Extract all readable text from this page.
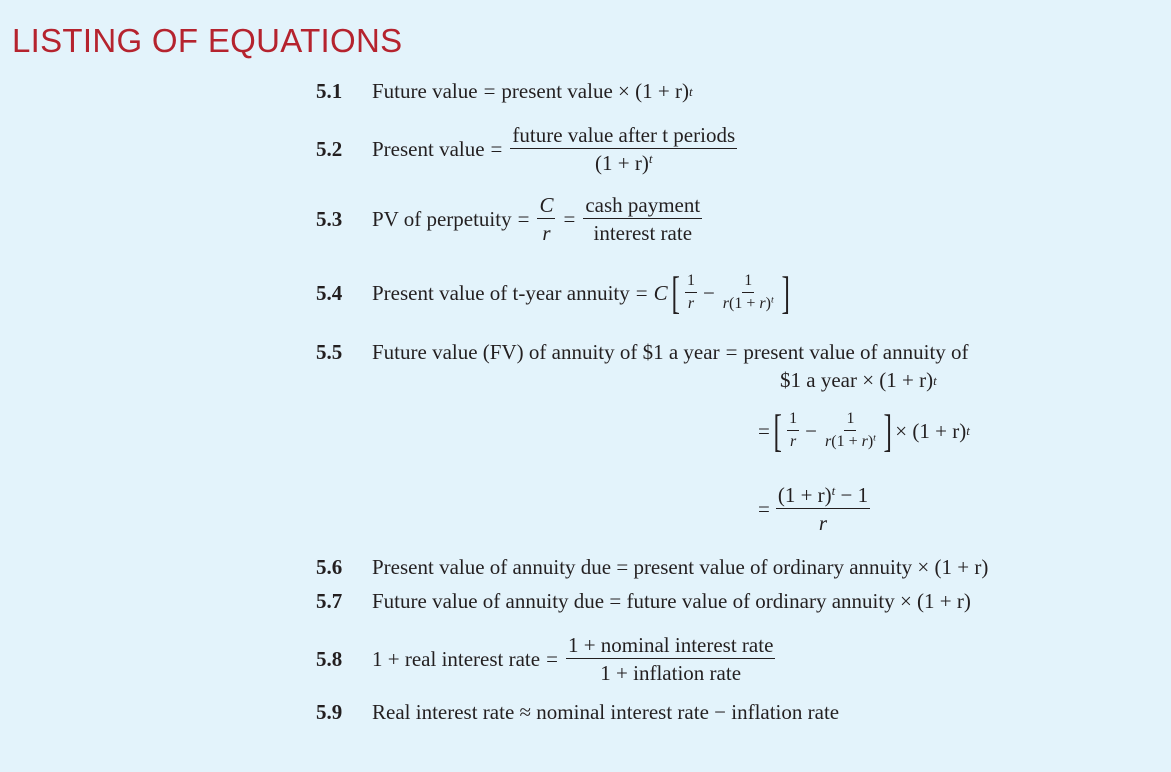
LISTING OF EQUATIONS
5.1	Future value = present value × (1 + r) t
5.2	Present value = $\frac{\text{future value after t periods}}{(1 + r)^t}$
5.3	PV of perpetuity = $\frac{C}{r} = \frac{\text{cash payment}}{\text{interest rate}}$
5.4	Present value of t-year annuity = C [ $\frac{1}{r} - \frac{1}{r(1 + r)^t}$ ]
5.5	Future value (FV) of annuity of $1 a year = present value of annuity of
$1 a year × (1 + r) t
= [ $\frac{1}{r} - \frac{1}{r(1 + r)^t}$ ] × (1 + r) t
= $\frac{(1 + r)^t - 1}{r}$
5.6	Present value of annuity due = present value of ordinary annuity × (1 + r)
5.7	Future value of annuity due = future value of ordinary annuity × (1 + r)
5.8	1 + real interest rate = $\frac{\text{1 + nominal interest rate}}{\text{1 + inflation rate}}$
5.9	Real interest rate ≈ nominal interest rate − inflation rate
